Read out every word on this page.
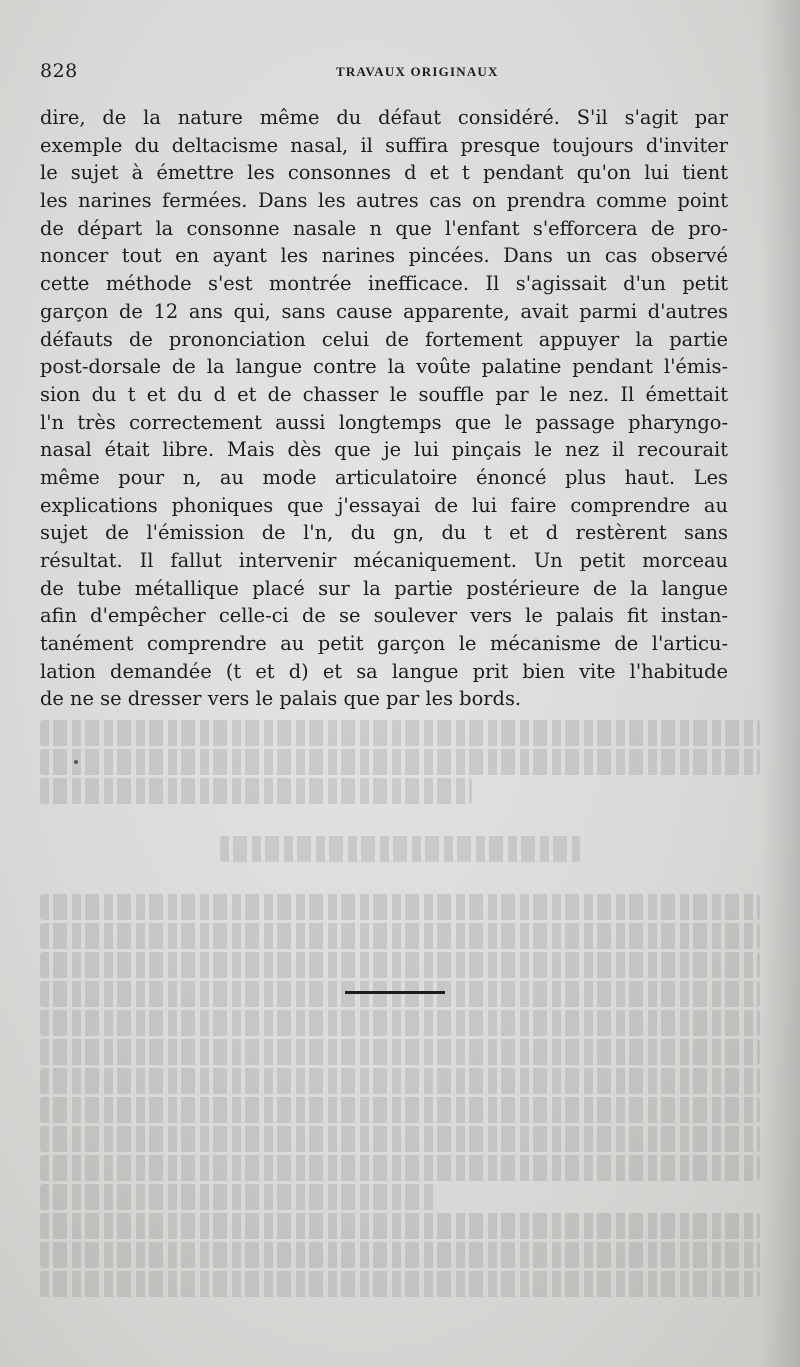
828	TRAVAUX ORIGINAUX
dire, de la nature même du défaut considéré. S'il s'agit par
exemple du deltacisme nasal, il suffira presque toujours d'inviter
le sujet à émettre les consonnes d et t pendant qu'on lui tient
les narines fermées. Dans les autres cas on prendra comme point
de départ la consonne nasale n que l'enfant s'efforcera de pro-
noncer tout en ayant les narines pincées. Dans un cas observé
cette méthode s'est montrée inefficace. Il s'agissait d'un petit
garçon de 12 ans qui, sans cause apparente, avait parmi d'autres
défauts de prononciation celui de fortement appuyer la partie
post-dorsale de la langue contre la voûte palatine pendant l'émis-
sion du t et du d et de chasser le souffle par le nez. Il émettait
l'n très correctement aussi longtemps que le passage pharyngo-
nasal était libre. Mais dès que je lui pinçais le nez il recourait
même pour n, au mode articulatoire énoncé plus haut. Les
explications phoniques que j'essayai de lui faire comprendre au
sujet de l'émission de l'n, du gn, du t et d restèrent sans
résultat. Il fallut intervenir mécaniquement. Un petit morceau
de tube métallique placé sur la partie postérieure de la langue
afin d'empêcher celle-ci de se soulever vers le palais fit instan-
tanément comprendre au petit garçon le mécanisme de l'articu-
lation demandée (t et d) et sa langue prit bien vite l'habitude
de ne se dresser vers le palais que par les bords.
